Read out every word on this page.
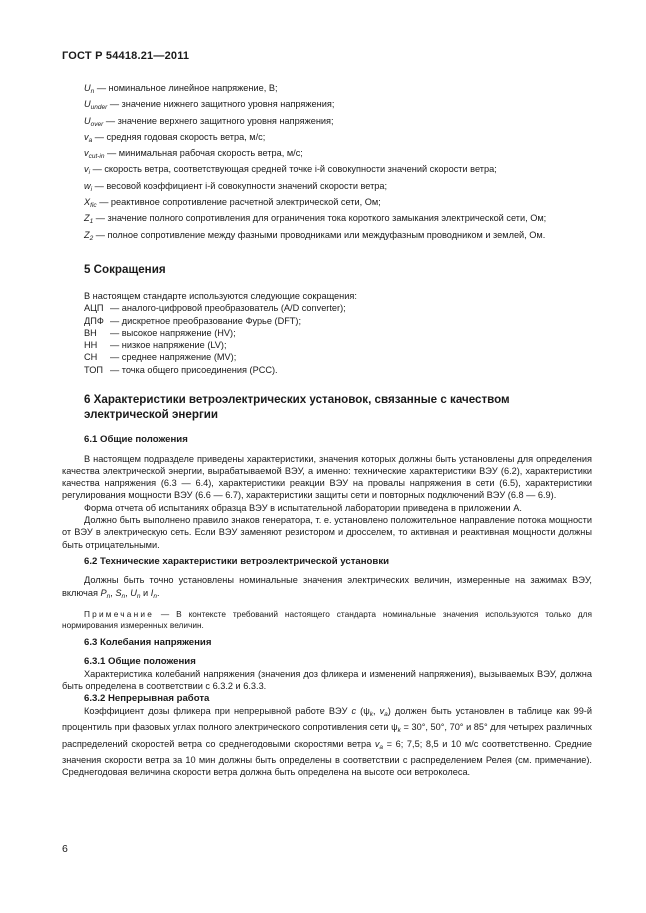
ГОСТ Р 54418.21—2011

$U_n$ — номинальное линейное напряжение, В;

$U_{under}$ — значение нижнего защитного уровня напряжения;

$U_{over}$ — значение верхнего защитного уровня напряжения;

$v_a$ — средняя годовая скорость ветра, м/с;

$v_{cut-in}$ — минимальная рабочая скорость ветра, м/с;

$v_i$ — скорость ветра, соответствующая средней точке i-й совокупности значений скорости ветра;

$w_i$ — весовой коэффициент i-й совокупности значений скорости ветра;

$X_{fic}$ — реактивное сопротивление расчетной электрической сети, Ом;

$Z_1$ — значение полного сопротивления для ограничения тока короткого замыкания электрической сети, Ом;

$Z_2$ — полное сопротивление между фазными проводниками или междуфазным проводником и землей, Ом.

5 Сокращения

В настоящем стандарте используются следующие сокращения:

АЦП — аналого-цифровой преобразователь (A/D converter);
ДПФ — дискретное преобразование Фурье (DFT);
ВН	— высокое напряжение (HV);
НН	— низкое напряжение (LV);
СН	— среднее напряжение (MV);
ТОП — точка общего присоединения (PCC).
6 Характеристики ветроэлектрических установок, связанные с качеством электрической энергии
6.1 Общие положения

В настоящем подразделе приведены характеристики, значения которых должны быть установлены для определения качества электрической энергии, вырабатываемой ВЭУ, а именно: технические характеристики ВЭУ (6.2), характеристики качества напряжения (6.3 — 6.4), характеристики реакции ВЭУ на провалы напряжения в сети (6.5), характеристики регулирования мощности ВЭУ (6.6 — 6.7), характеристики защиты сети и повторных подключений ВЭУ (6.8 — 6.9).

Форма отчета об испытаниях образца ВЭУ в испытательной лаборатории приведена в приложении А.

Должно быть выполнено правило знаков генератора, т. е. установлено положительное направление потока мощности от ВЭУ в электрическую сеть. Если ВЭУ заменяют резистором и дросселем, то активная и реактивная мощности должны быть отрицательными.

6.2 Технические характеристики ветроэлектрической установки

Должны быть точно установлены номинальные значения электрических величин, измеренные на зажимах ВЭУ, включая $P_n$, $S_n$, $U_n$ и $I_n$.

Примечание — В контексте требований настоящего стандарта номинальные значения используются только для нормирования измеренных величин.

6.3 Колебания напряжения
6.3.1 Общие положения

Характеристика колебаний напряжения (значения доз фликера и изменений напряжения), вызываемых ВЭУ, должна быть определена в соответствии с 6.3.2 и 6.3.3.

6.3.2 Непрерывная работа

Коэффициент дозы фликера при непрерывной работе ВЭУ c ($\psi_k$, $v_a$) должен быть установлен в таблице как 99-й процентиль при фазовых углах полного электрического сопротивления сети $\psi_k = 30^\circ$, 50°, 70° и 85° для четырех различных распределений скоростей ветра со среднегодовыми скоростями ветра $v_a = 6$; 7,5; 8,5 и 10 м/с соответственно. Средние значения скорости ветра за 10 мин должны быть определены в соответствии с распределением Релея (см. примечание). Среднегодовая величина скорости ветра должна быть определена на высоте оси ветроколеса.

6
